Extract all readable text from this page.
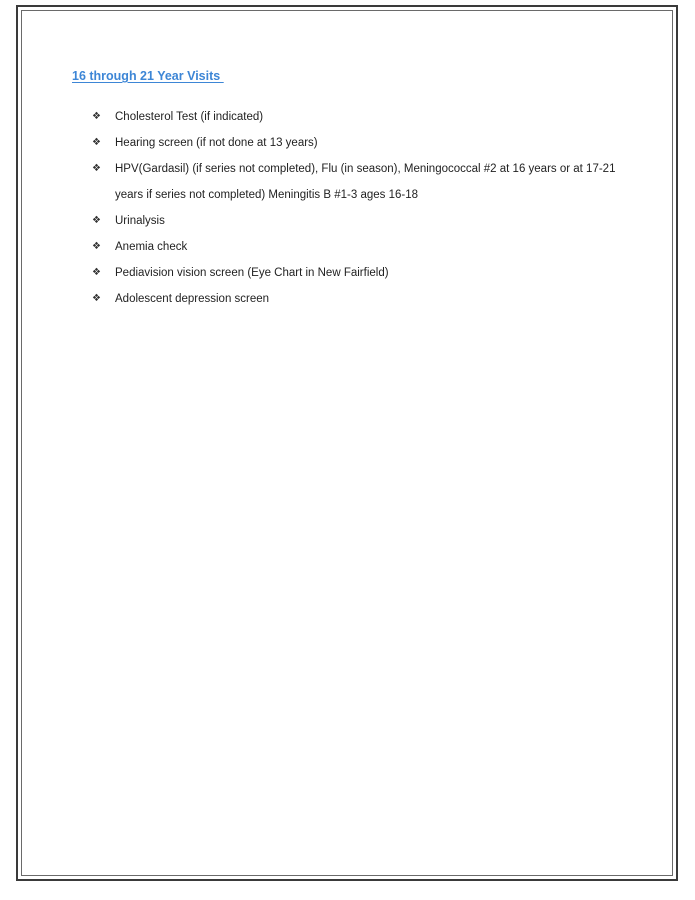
16 through 21 Year Visits
❖ Cholesterol Test (if indicated)
❖ Hearing screen (if not done at 13 years)
❖ HPV(Gardasil) (if series not completed), Flu (in season), Meningococcal #2 at 16 years or at 17-21 years if series not completed) Meningitis B #1-3 ages 16-18
❖ Urinalysis
❖ Anemia check
❖ Pediavision vision screen (Eye Chart in New Fairfield)
❖ Adolescent depression screen
